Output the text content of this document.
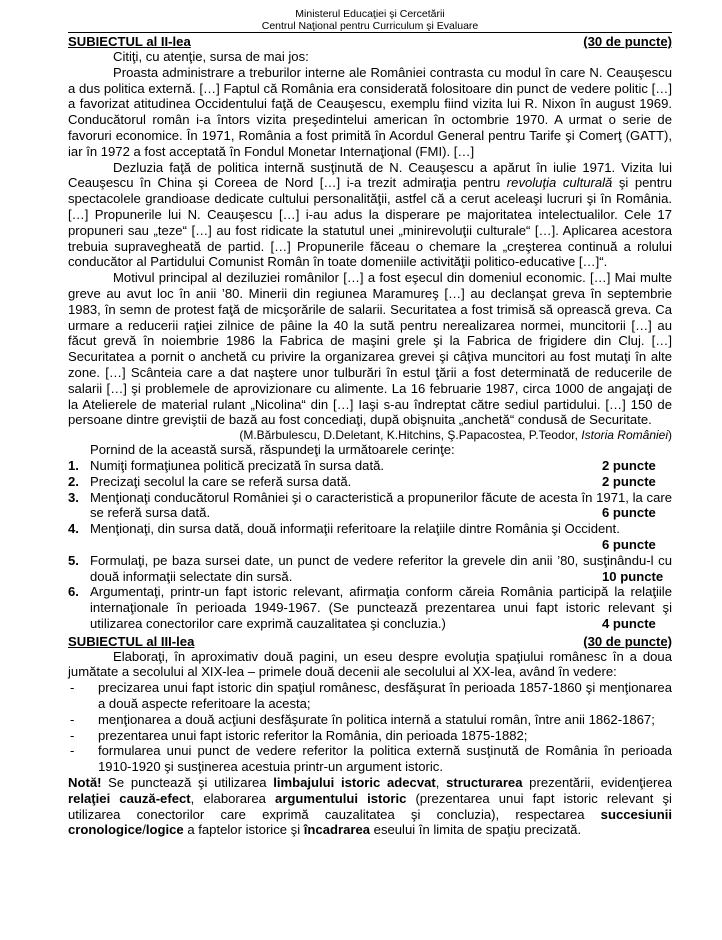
Ministerul Educaţiei şi Cercetării
Centrul Naţional pentru Curriculum şi Evaluare
SUBIECTUL al II-lea	(30 de puncte)

Citiţi, cu atenţie, sursa de mai jos:

Proasta administrare a treburilor interne ale României contrasta cu modul în care N. Ceauşescu a dus politica externă. […] Faptul că România era considerată folositoare din punct de vedere politic […] a favorizat atitudinea Occidentului faţă de Ceauşescu, exemplu fiind vizita lui R. Nixon în august 1969. Conducătorul român i-a întors vizita preşedintelui american în octombrie 1970. A urmat o serie de favoruri economice. În 1971, România a fost primită în Acordul General pentru Tarife şi Comerţ (GATT), iar în 1972 a fost acceptată în Fondul Monetar Internaţional (FMI). […]

Dezluzia faţă de politica internă susţinută de N. Ceauşescu a apărut în iulie 1971. Vizita lui Ceauşescu în China şi Coreea de Nord […] i-a trezit admiraţia pentru revoluţia culturală şi pentru spectacolele grandioase dedicate cultului personalităţii, astfel că a cerut aceleaşi lucruri şi în România. […] Propunerile lui N. Ceauşescu […] i-au adus la disperare pe majoritatea intelectualilor. Cele 17 propuneri sau „teze“ […] au fost ridicate la statutul unei „minirevoluţii culturale“ […]. Aplicarea acestora trebuia supravegheată de partid. […] Propunerile făceau o chemare la „creşterea continuă a rolului conducător al Partidului Comunist Român în toate domeniile activităţii politico-educative […]“.

Motivul principal al deziluziei românilor […] a fost eşecul din domeniul economic. […] Mai multe greve au avut loc în anii ’80. Minerii din regiunea Maramureş […] au declanşat greva în septembrie 1983, în semn de protest faţă de micşorările de salarii. Securitatea a fost trimisă să oprească greva. Ca urmare a reducerii raţiei zilnice de pâine la 40 la sută pentru nerealizarea normei, muncitorii […] au făcut grevă în noiembrie 1986 la Fabrica de maşini grele şi la Fabrica de frigidere din Cluj. […] Securitatea a pornit o anchetă cu privire la organizarea grevei şi câţiva muncitori au fost mutaţi în alte zone. […] Scânteia care a dat naştere unor tulburări în estul ţării a fost determinată de reducerile de salarii […] şi problemele de aprovizionare cu alimente. La 16 februarie 1987, circa 1000 de angajaţi de la Atelierele de material rulant „Nicolina“ din […] Iaşi s-au îndreptat către sediul partidului. […] 150 de persoane dintre greviştii de bază au fost concediaţi, după obişnuita „anchetă“ condusă de Securitate.

(M.Bărbulescu, D.Deletant, K.Hitchins, Ş.Papacostea, P.Teodor, Istoria României)
Pornind de la această sursă, răspundeţi la următoarele cerinţe:
1. Numiţi formaţiunea politică precizată în sursa dată.	2 puncte
2. Precizaţi secolul la care se referă sursa dată.	2 puncte
3. Menţionaţi conducătorul României şi o caracteristică a propunerilor făcute de acesta în 1971, la care se referă sursa dată.	6 puncte
4. Menţionaţi, din sursa dată, două informaţii referitoare la relaţiile dintre România şi Occident.
6 puncte
5. Formulaţi, pe baza sursei date, un punct de vedere referitor la grevele din anii ’80, susţinându-l cu două informaţii selectate din sursă.	10 puncte
6. Argumentaţi, printr-un fapt istoric relevant, afirmaţia conform căreia România participă la relaţiile internaţionale în perioada 1949-1967. (Se punctează prezentarea unui fapt istoric relevant şi utilizarea conectorilor care exprimă cauzalitatea şi concluzia.)	4 puncte
SUBIECTUL al III-lea	(30 de puncte)

Elaboraţi, în aproximativ două pagini, un eseu despre evoluţia spaţiului românesc în a doua jumătate a secolului al XIX-lea – primele două decenii ale secolului al XX-lea, având în vedere:

-	precizarea unui fapt istoric din spaţiul românesc, desfăşurat în perioada 1857-1860 şi menţionarea a două aspecte referitoare la acesta;
-	menţionarea a două acţiuni desfăşurate în politica internă a statului român, între anii 1862-1867;
-	prezentarea unui fapt istoric referitor la România, din perioada 1875-1882;
-	formularea unui punct de vedere referitor la politica externă susţinută de România în perioada 1910-1920 şi susţinerea acestuia printr-un argument istoric.

Notă! Se punctează şi utilizarea limbajului istoric adecvat, structurarea prezentării, evidenţierea relaţiei cauză-efect, elaborarea argumentului istoric (prezentarea unui fapt istoric relevant şi utilizarea conectorilor care exprimă cauzalitatea şi concluzia), respectarea succesiunii cronologice/logice a faptelor istorice şi încadrarea eseului în limita de spaţiu precizată.
